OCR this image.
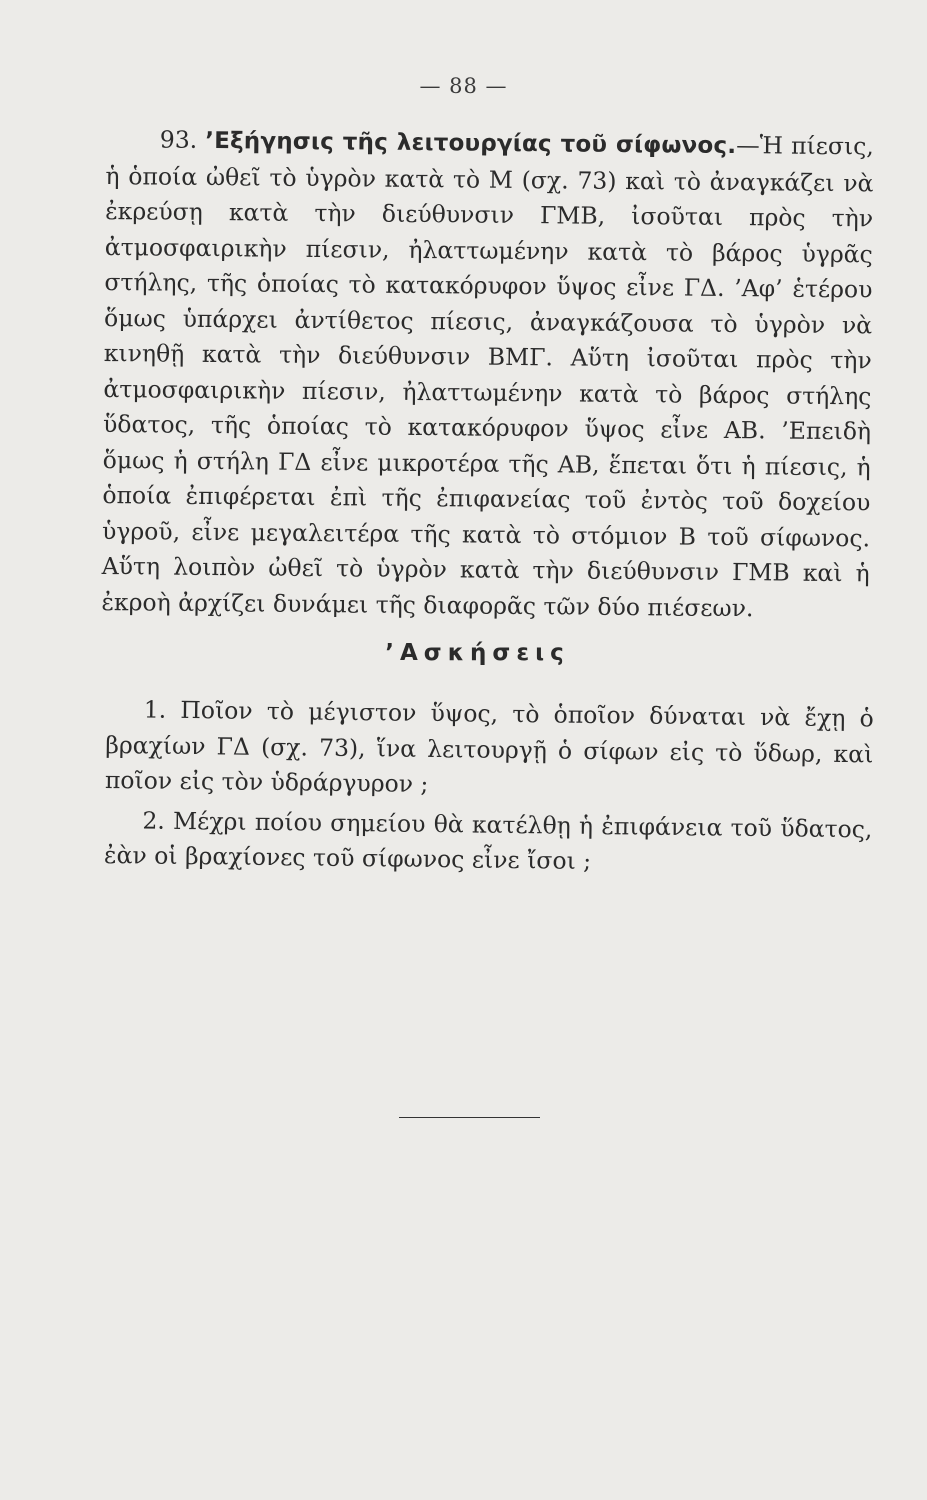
— 88 —
93. ’Εξήγησις τῆς λειτουργίας τοῦ σίφωνος.—Ἡ πίεσις, ἡ ὁποία ὠθεῖ τὸ ὑγρὸν κατὰ τὸ Μ (σχ. 73) καὶ τὸ ἀναγκάζει νὰ ἐκρεύσῃ κατὰ τὴν διεύθυνσιν ΓΜΒ, ἰσοῦται πρὸς τὴν ἀτμοσφαιρικὴν πίεσιν, ἠλαττωμένην κατὰ τὸ βάρος ὑγρᾶς στήλης, τῆς ὁποίας τὸ κατακόρυφον ὕψος εἶνε ΓΔ. ’Αφ’ ἑτέρου ὅμως ὑπάρχει ἀντίθετος πίεσις, ἀναγκάζουσα τὸ ὑγρὸν νὰ κινηθῇ κατὰ τὴν διεύθυνσιν ΒΜΓ. Αὕτη ἰσοῦται πρὸς τὴν ἀτμοσφαιρικὴν πίεσιν, ἠλαττωμένην κατὰ τὸ βάρος στήλης ὕδατος, τῆς ὁποίας τὸ κατακόρυφον ὕψος εἶνε ΑΒ. ’Επειδὴ ὅμως ἡ στήλη ΓΔ εἶνε μικροτέρα τῆς ΑΒ, ἕπεται ὅτι ἡ πίεσις, ἡ ὁποία ἐπιφέρεται ἐπὶ τῆς ἐπιφανείας τοῦ ἐντὸς τοῦ δοχείου ὑγροῦ, εἶνε μεγαλειτέρα τῆς κατὰ τὸ στόμιον Β τοῦ σίφωνος. Αὕτη λοιπὸν ὠθεῖ τὸ ὑγρὸν κατὰ τὴν διεύθυνσιν ΓΜΒ καὶ ἡ ἐκροὴ ἀρχίζει δυνάμει τῆς διαφορᾶς τῶν δύο πιέσεων.
’Ασκήσεις

1. Ποῖον τὸ μέγιστον ὕψος, τὸ ὁποῖον δύναται νὰ ἔχῃ ὁ βραχίων ΓΔ (σχ. 73), ἵνα λειτουργῇ ὁ σίφων εἰς τὸ ὕδωρ, καὶ ποῖον εἰς τὸν ὑδράργυρον ;

2. Μέχρι ποίου σημείου θὰ κατέλθῃ ἡ ἐπιφάνεια τοῦ ὕδατος, ἐὰν οἱ βραχίονες τοῦ σίφωνος εἶνε ἴσοι ;
